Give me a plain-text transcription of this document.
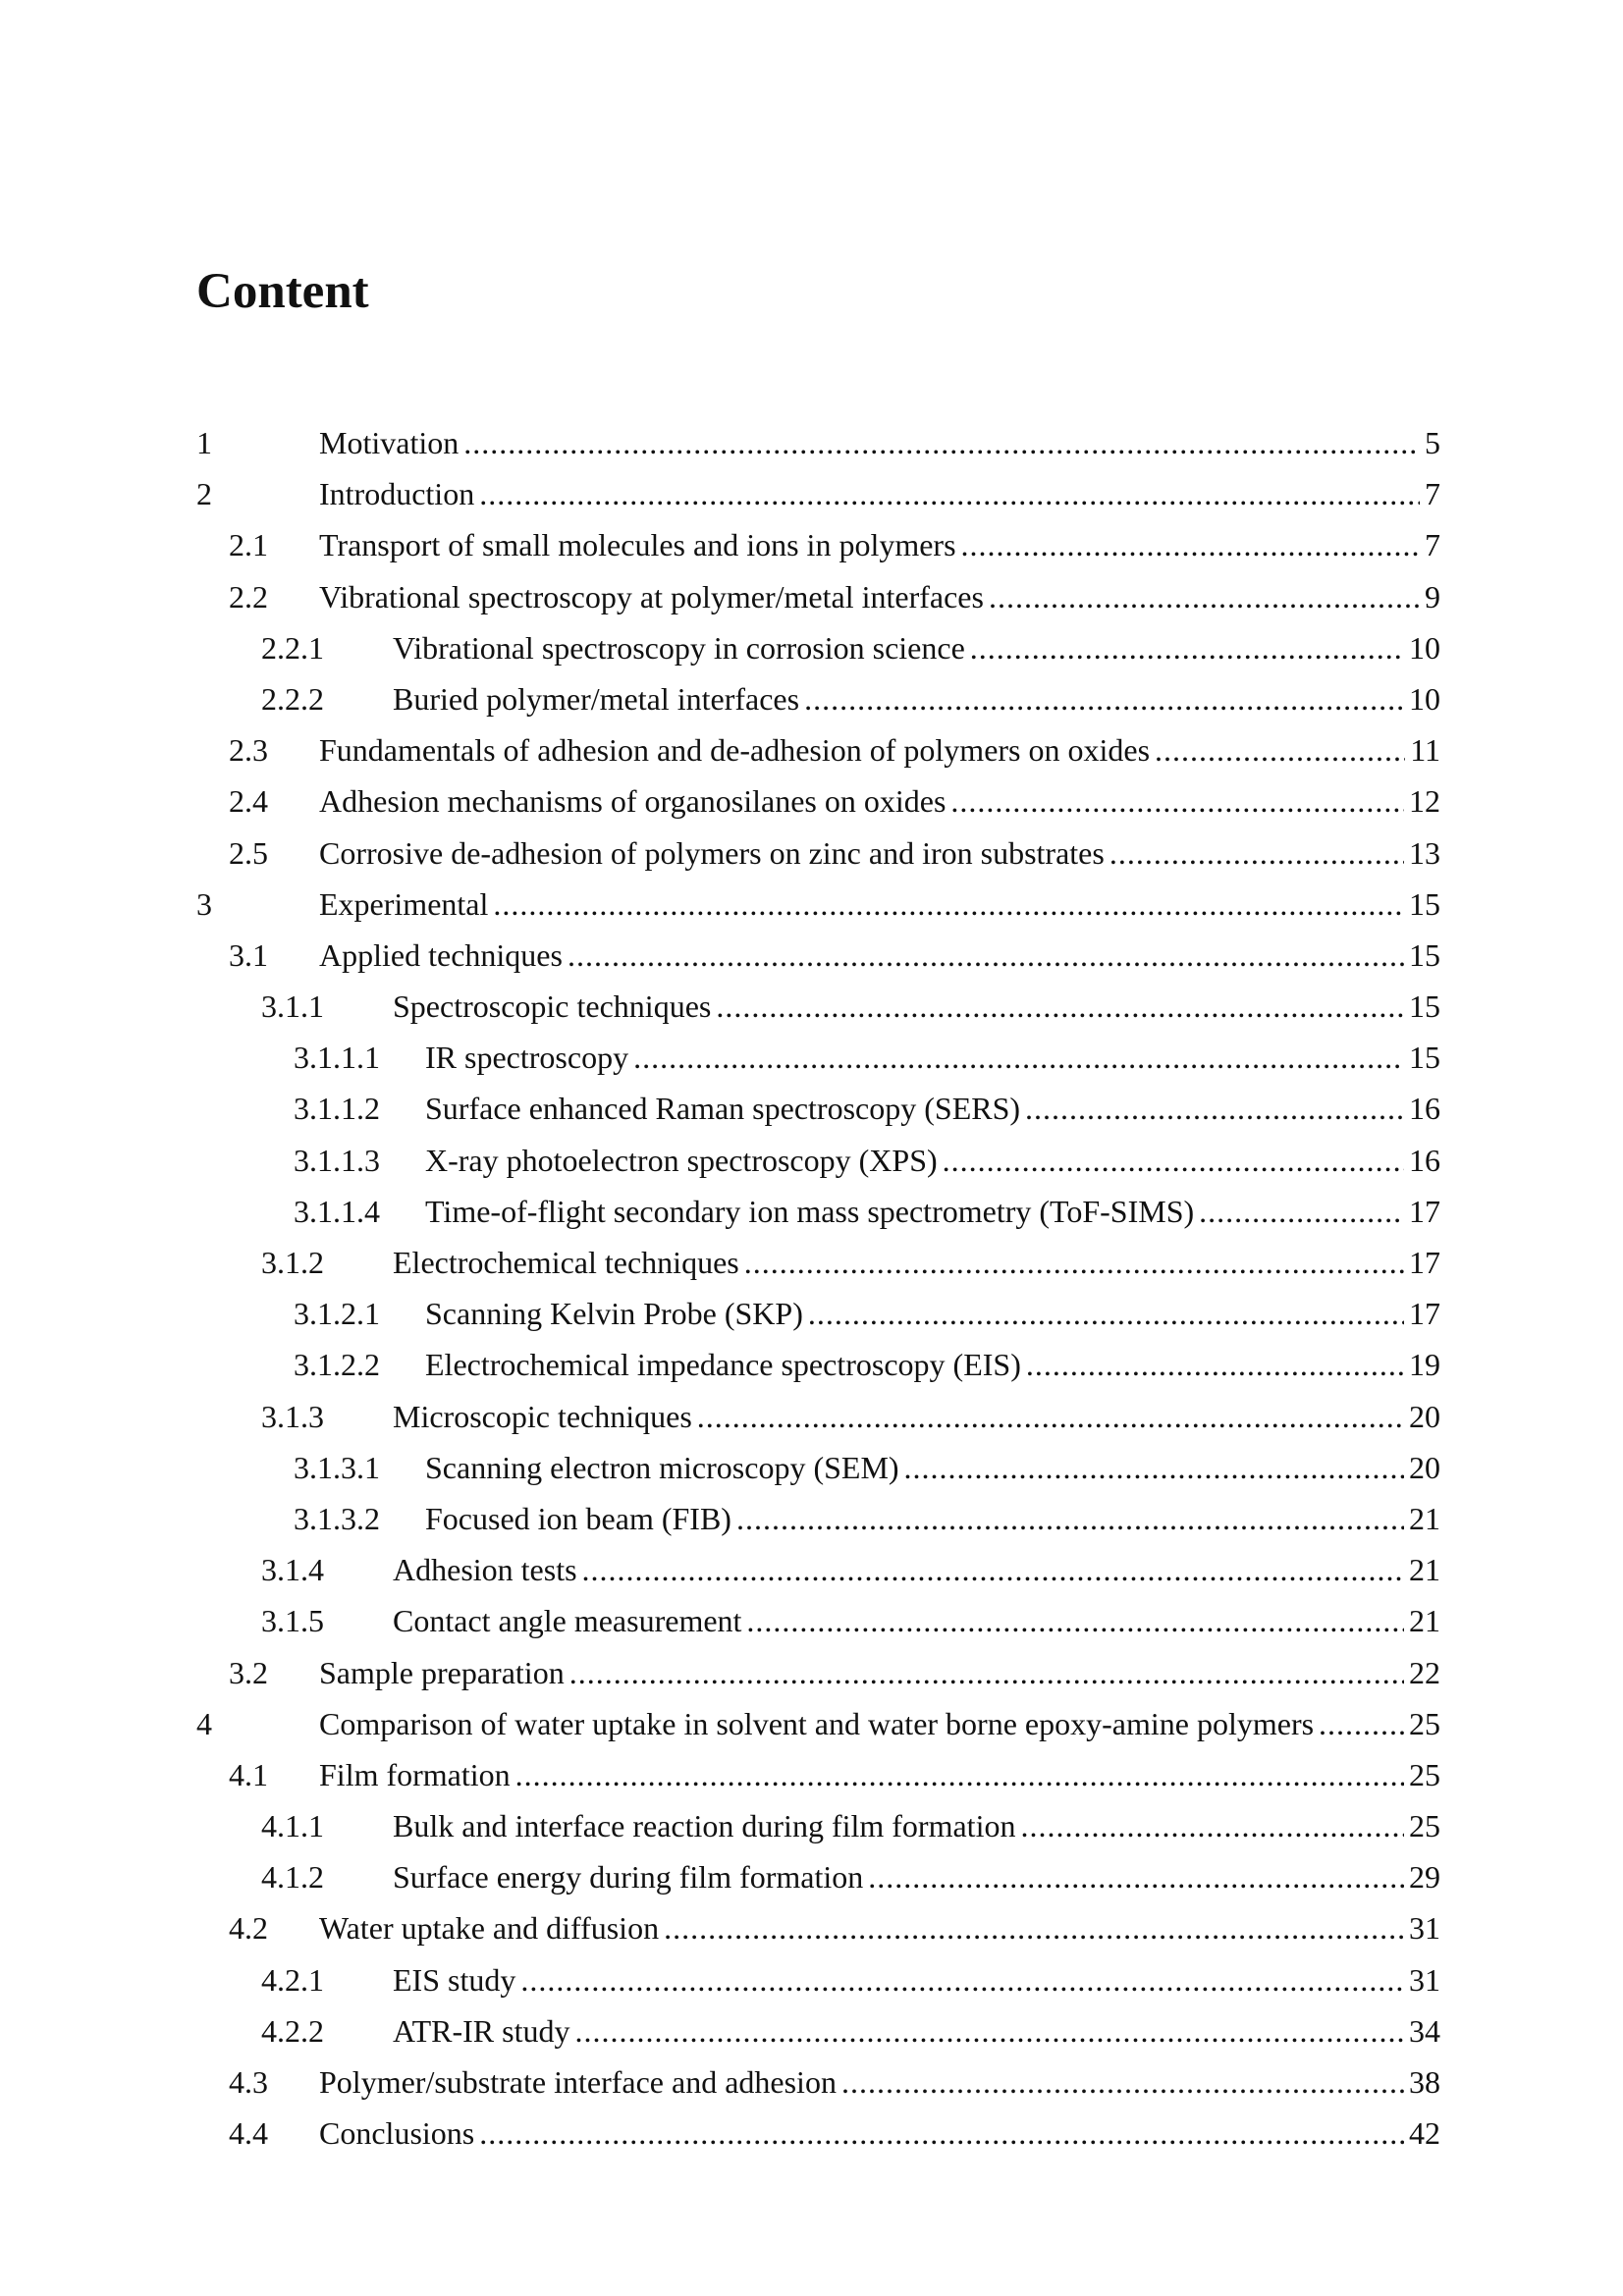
Content
1	Motivation .....	5
2	Introduction .....	7
2.1 Transport of small molecules and ions in polymers .....	7
2.2 Vibrational spectroscopy at polymer/metal interfaces .....	9
2.2.1 Vibrational spectroscopy in corrosion science .....	10
2.2.2 Buried polymer/metal interfaces .....	10
2.3 Fundamentals of adhesion and de-adhesion of polymers on oxides .....	11
2.4 Adhesion mechanisms of organosilanes on oxides .....	12
2.5 Corrosive de-adhesion of polymers on zinc and iron substrates .....	13
3	Experimental .....	15
3.1 Applied techniques .....	15
3.1.1 Spectroscopic techniques .....	15
3.1.1.1 IR spectroscopy .....	15
3.1.1.2 Surface enhanced Raman spectroscopy (SERS) .....	16
3.1.1.3 X-ray photoelectron spectroscopy (XPS) .....	16
3.1.1.4 Time-of-flight secondary ion mass spectrometry (ToF-SIMS) .....	17
3.1.2 Electrochemical techniques .....	17
3.1.2.1 Scanning Kelvin Probe (SKP) .....	17
3.1.2.2 Electrochemical impedance spectroscopy (EIS) .....	19
3.1.3 Microscopic techniques .....	20
3.1.3.1 Scanning electron microscopy (SEM) .....	20
3.1.3.2 Focused ion beam (FIB) .....	21
3.1.4 Adhesion tests .....	21
3.1.5 Contact angle measurement .....	21
3.2 Sample preparation .....	22
4	Comparison of water uptake in solvent and water borne epoxy-amine polymers .....	25
4.1 Film formation .....	25
4.1.1 Bulk and interface reaction during film formation .....	25
4.1.2 Surface energy during film formation .....	29
4.2 Water uptake and diffusion .....	31
4.2.1 EIS study .....	31
4.2.2 ATR-IR study .....	34
4.3 Polymer/substrate interface and adhesion .....	38
4.4 Conclusions .....	42
